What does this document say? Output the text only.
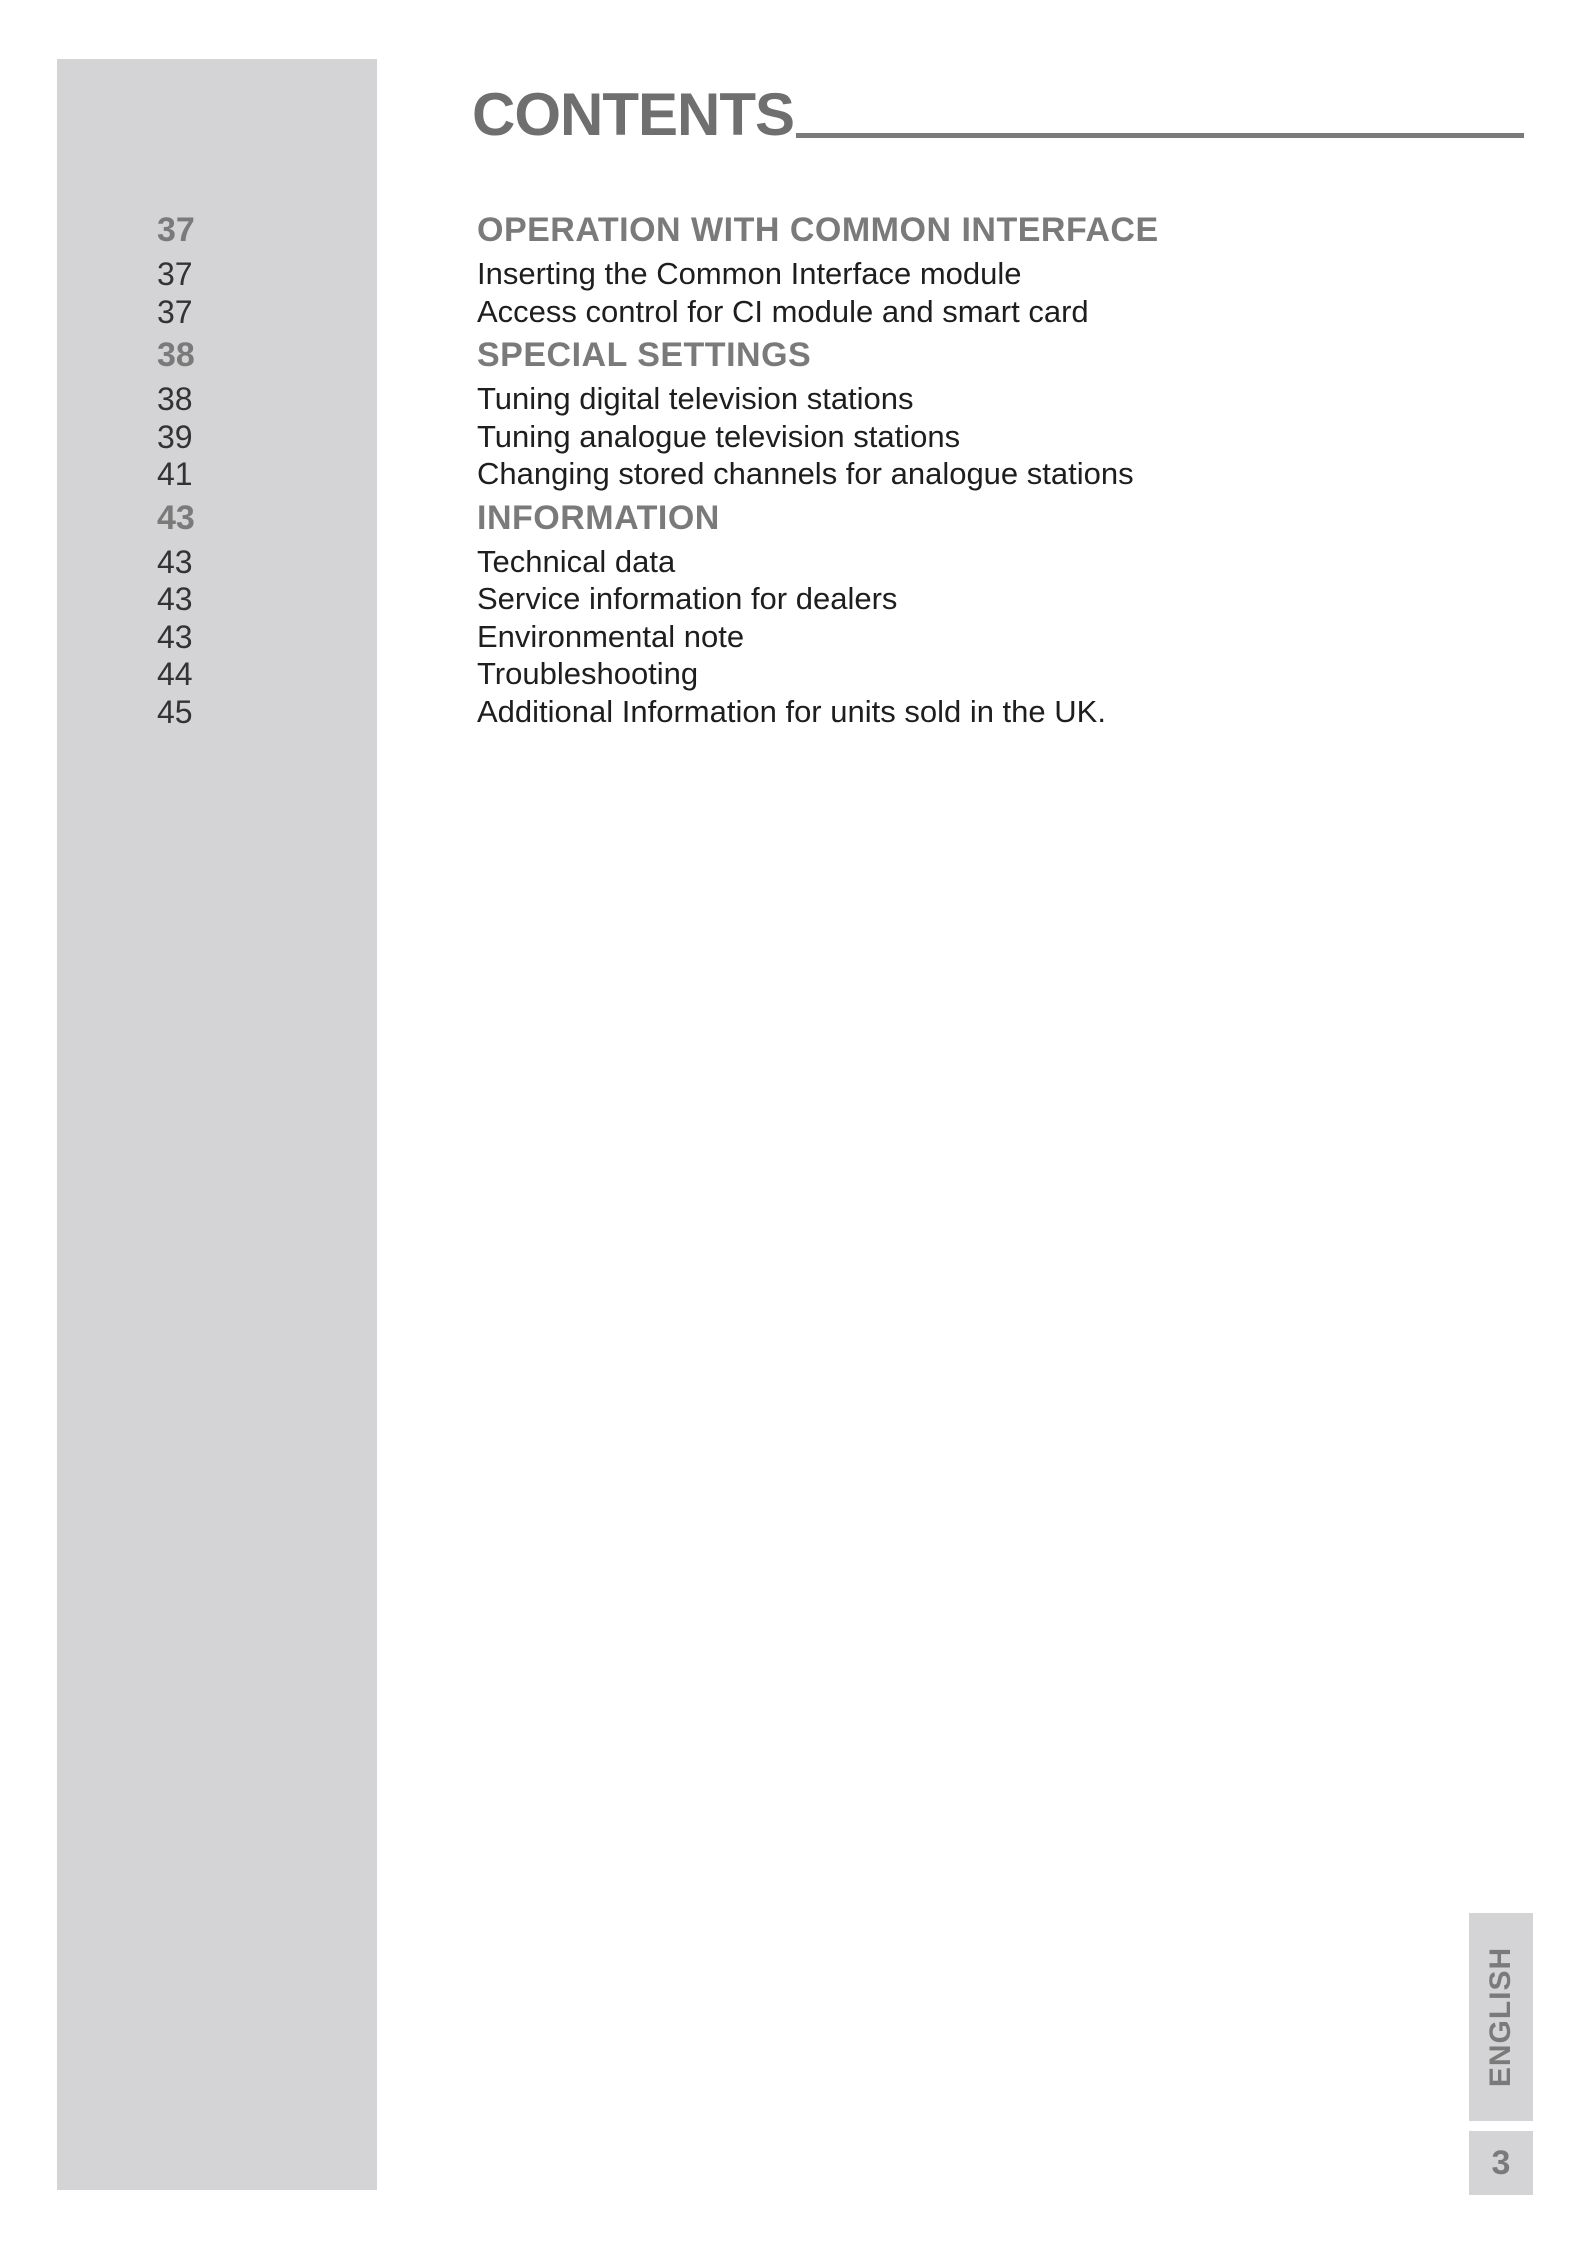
CONTENTS
37	OPERATION WITH COMMON INTERFACE
37	Inserting the Common Interface module
37	Access control for CI module and smart card
38	SPECIAL SETTINGS
38	Tuning digital television stations
39	Tuning analogue television stations
41	Changing stored channels for analogue stations
43	INFORMATION
43	Technical data
43	Service information for dealers
43	Environmental note
44	Troubleshooting
45	Additional Information for units sold in the UK.
ENGLISH
3
